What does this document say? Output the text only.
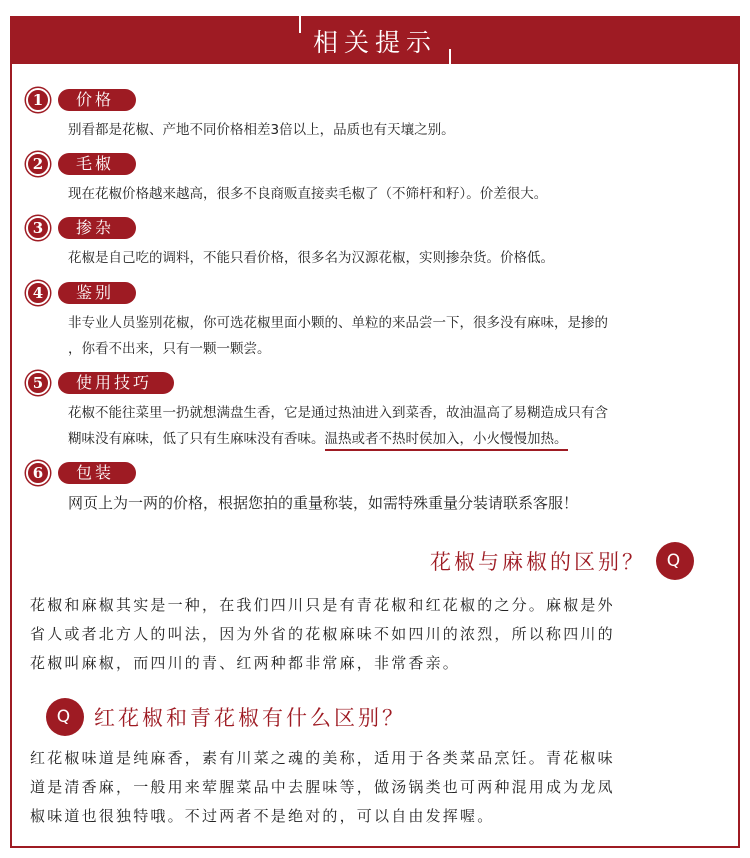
相关提示
1	价格
别看都是花椒、产地不同价格相差3倍以上，品质也有天壤之别。
2	毛椒
现在花椒价格越来越高，很多不良商贩直接卖毛椒了（不筛杆和籽）。价差很大。
3	掺杂
花椒是自己吃的调料，不能只看价格，很多名为汉源花椒，实则掺杂货。价格低。
4	鉴别
非专业人员鉴别花椒，你可选花椒里面小颗的、单粒的来品尝一下，很多没有麻味，是掺的
，你看不出来，只有一颗一颗尝。
5	使用技巧
花椒不能往菜里一扔就想满盘生香，它是通过热油进入到菜香，故油温高了易糊造成只有含
糊味没有麻味，低了只有生麻味没有香味。温热或者不热时侯加入，小火慢慢加热。
6	包装
网页上为一两的价格，根据您拍的重量称装，如需特殊重量分装请联系客服！
花椒与麻椒的区别？	Q
花椒和麻椒其实是一种，在我们四川只是有青花椒和红花椒的之分。麻椒是外
省人或者北方人的叫法，因为外省的花椒麻味不如四川的浓烈，所以称四川的
花椒叫麻椒，而四川的青、红两种都非常麻，非常香亲。
Q 红花椒和青花椒有什么区别？
红花椒味道是纯麻香，素有川菜之魂的美称，适用于各类菜品烹饪。青花椒味
道是清香麻，一般用来荤腥菜品中去腥味等，做汤锅类也可两种混用成为龙凤
椒味道也很独特哦。不过两者不是绝对的，可以自由发挥喔。
